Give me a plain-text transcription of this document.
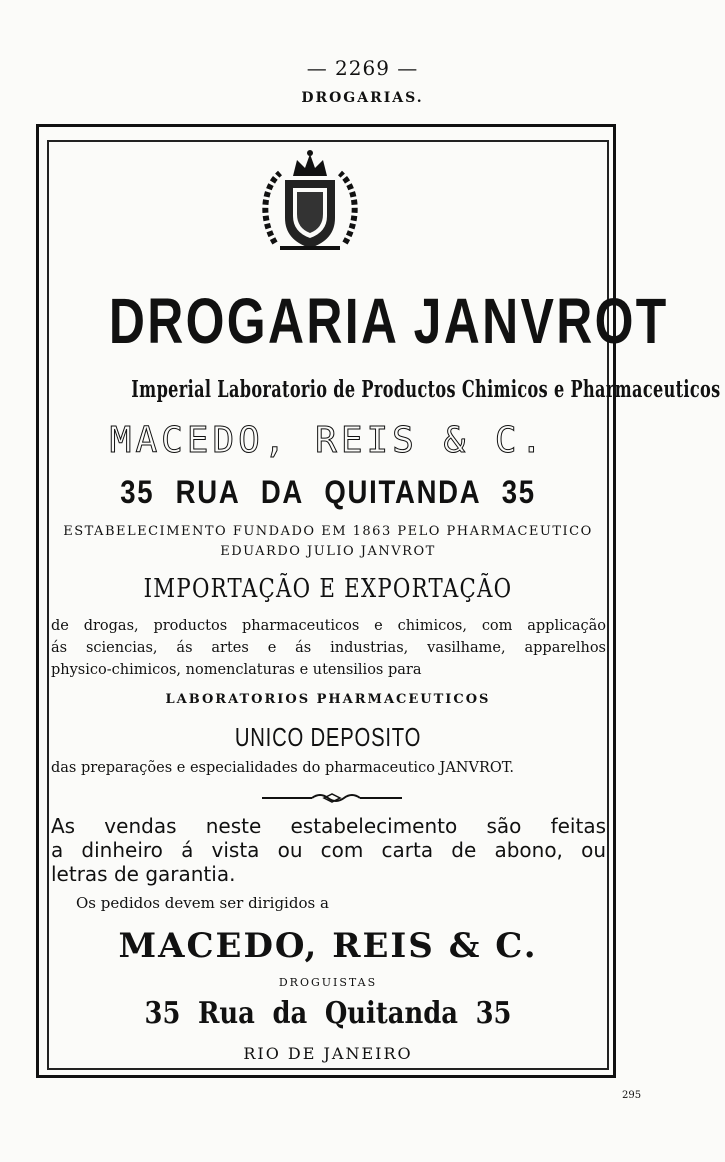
— 2269 —
DROGARIAS.
DROGARIA JANVROT
Imperial Laboratorio de Productos Chimicos e Pharmaceuticos
MACEDO, REIS & C.
35 RUA DA QUITANDA 35
ESTABELECIMENTO FUNDADO EM 1863 PELO PHARMACEUTICO
EDUARDO JULIO JANVROT
IMPORTAÇÃO E EXPORTAÇÃO
de drogas, productos pharmaceuticos e chimicos, com applicação
ás sciencias, ás artes e ás industrias, vasilhame, apparelhos
physico-chimicos, nomenclaturas e utensilios para
LABORATORIOS PHARMACEUTICOS
UNICO DEPOSITO
das preparações e especialidades do pharmaceutico JANVROT.
As vendas neste estabelecimento são feitas
a dinheiro á vista ou com carta de abono, ou
letras de garantia.
Os pedidos devem ser dirigidos a
MACEDO, REIS & C.
DROGUISTAS
35 Rua da Quitanda 35
RIO DE JANEIRO
295
